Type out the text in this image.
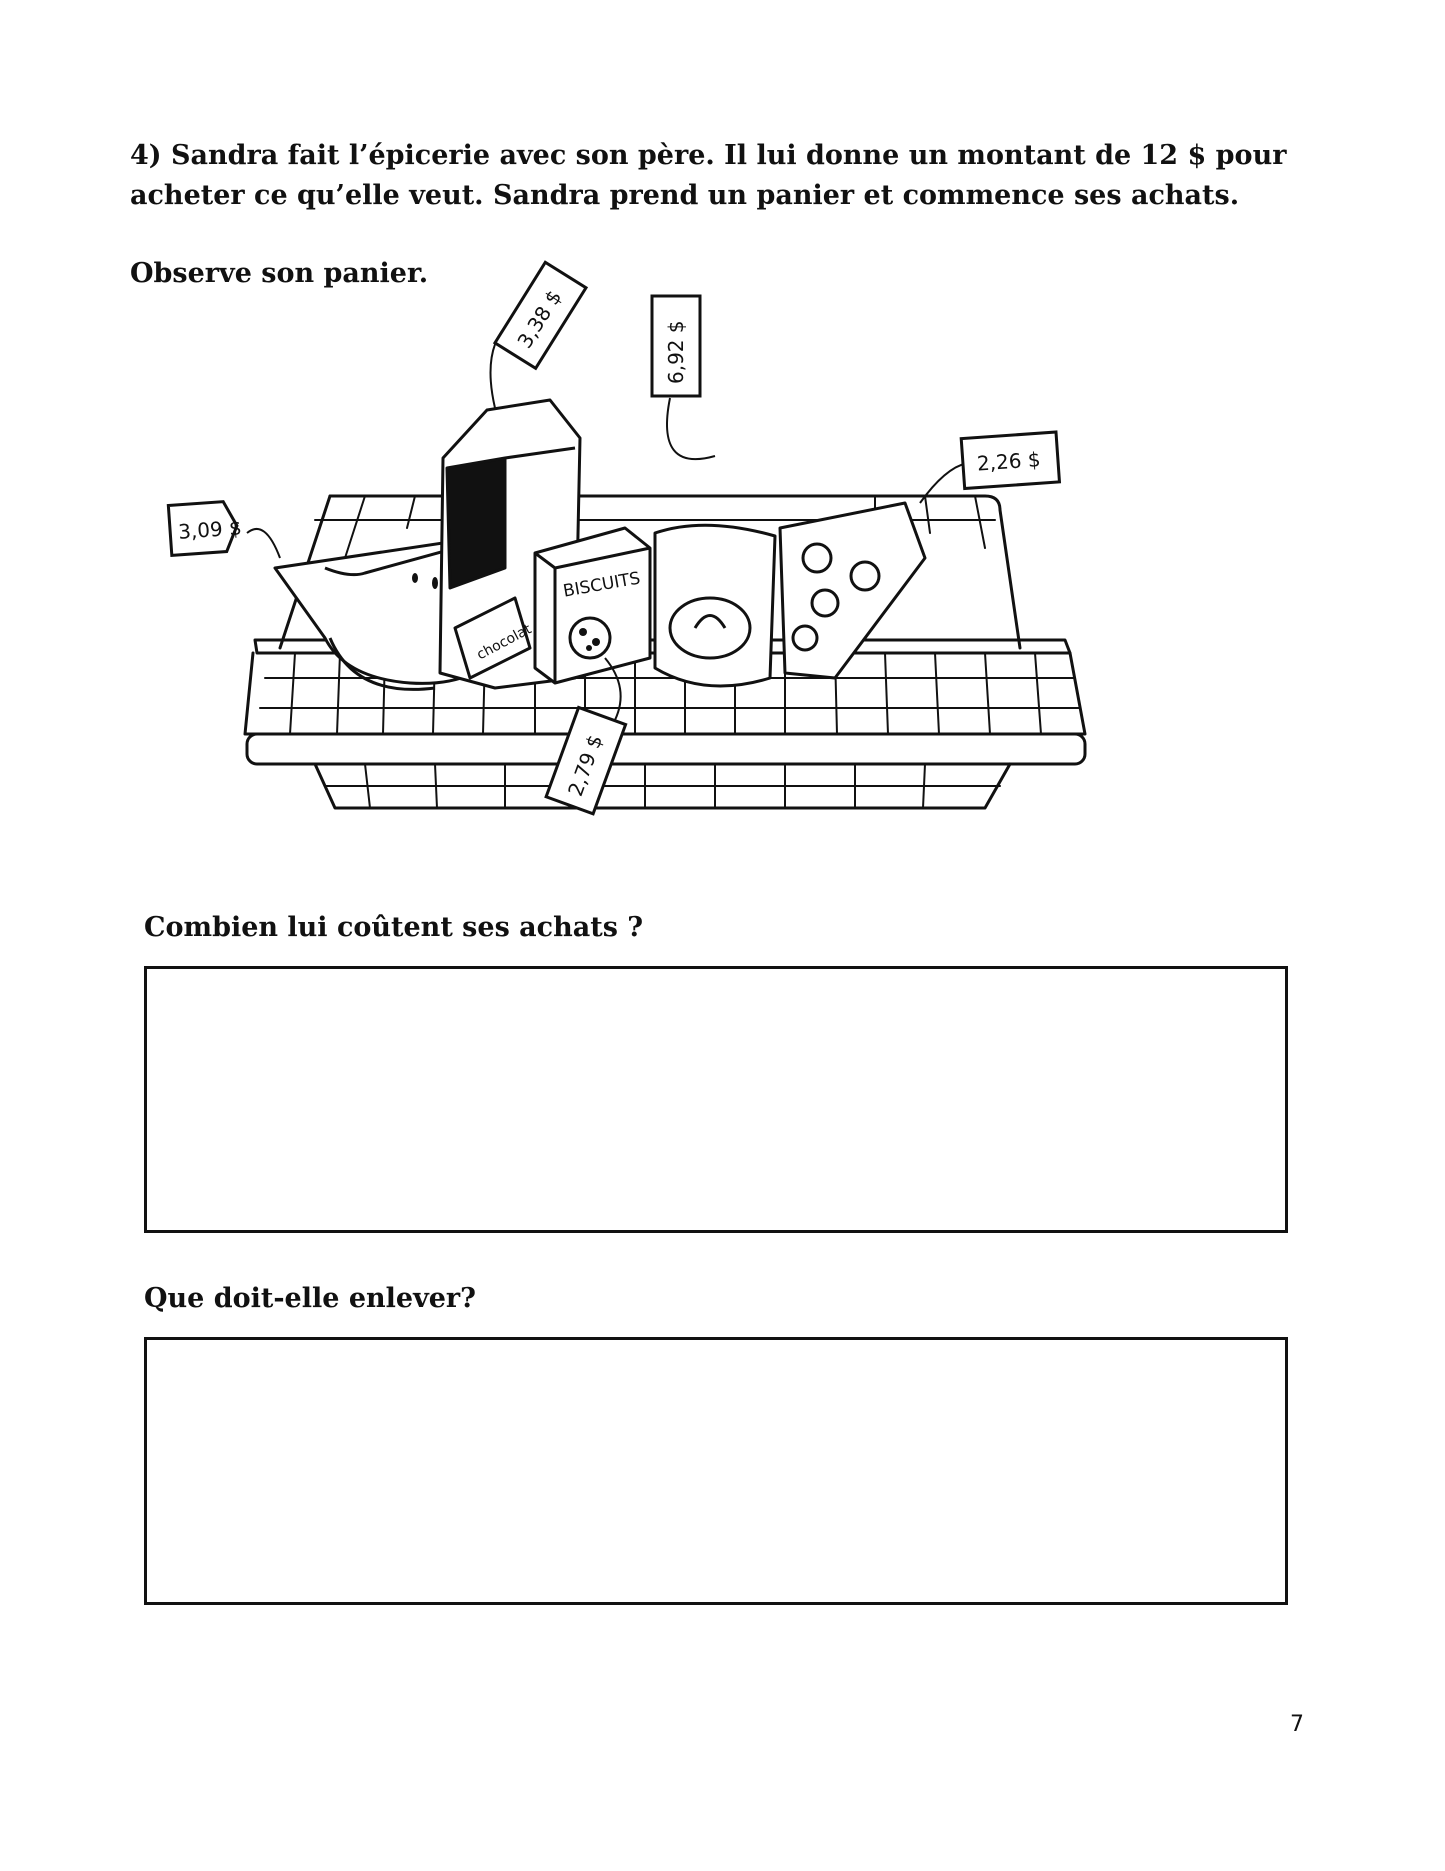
4) Sandra fait l’épicerie avec son père. Il lui donne un montant de 12 $ pour acheter ce qu’elle veut. Sandra prend un panier et commence ses achats.
Observe son panier.
chocolat
BISCUITS
3,09 $
3,38 $	6,92 $
2,26 $
2,79 $
Combien lui coûtent ses achats ?
Que doit-elle enlever?
7
